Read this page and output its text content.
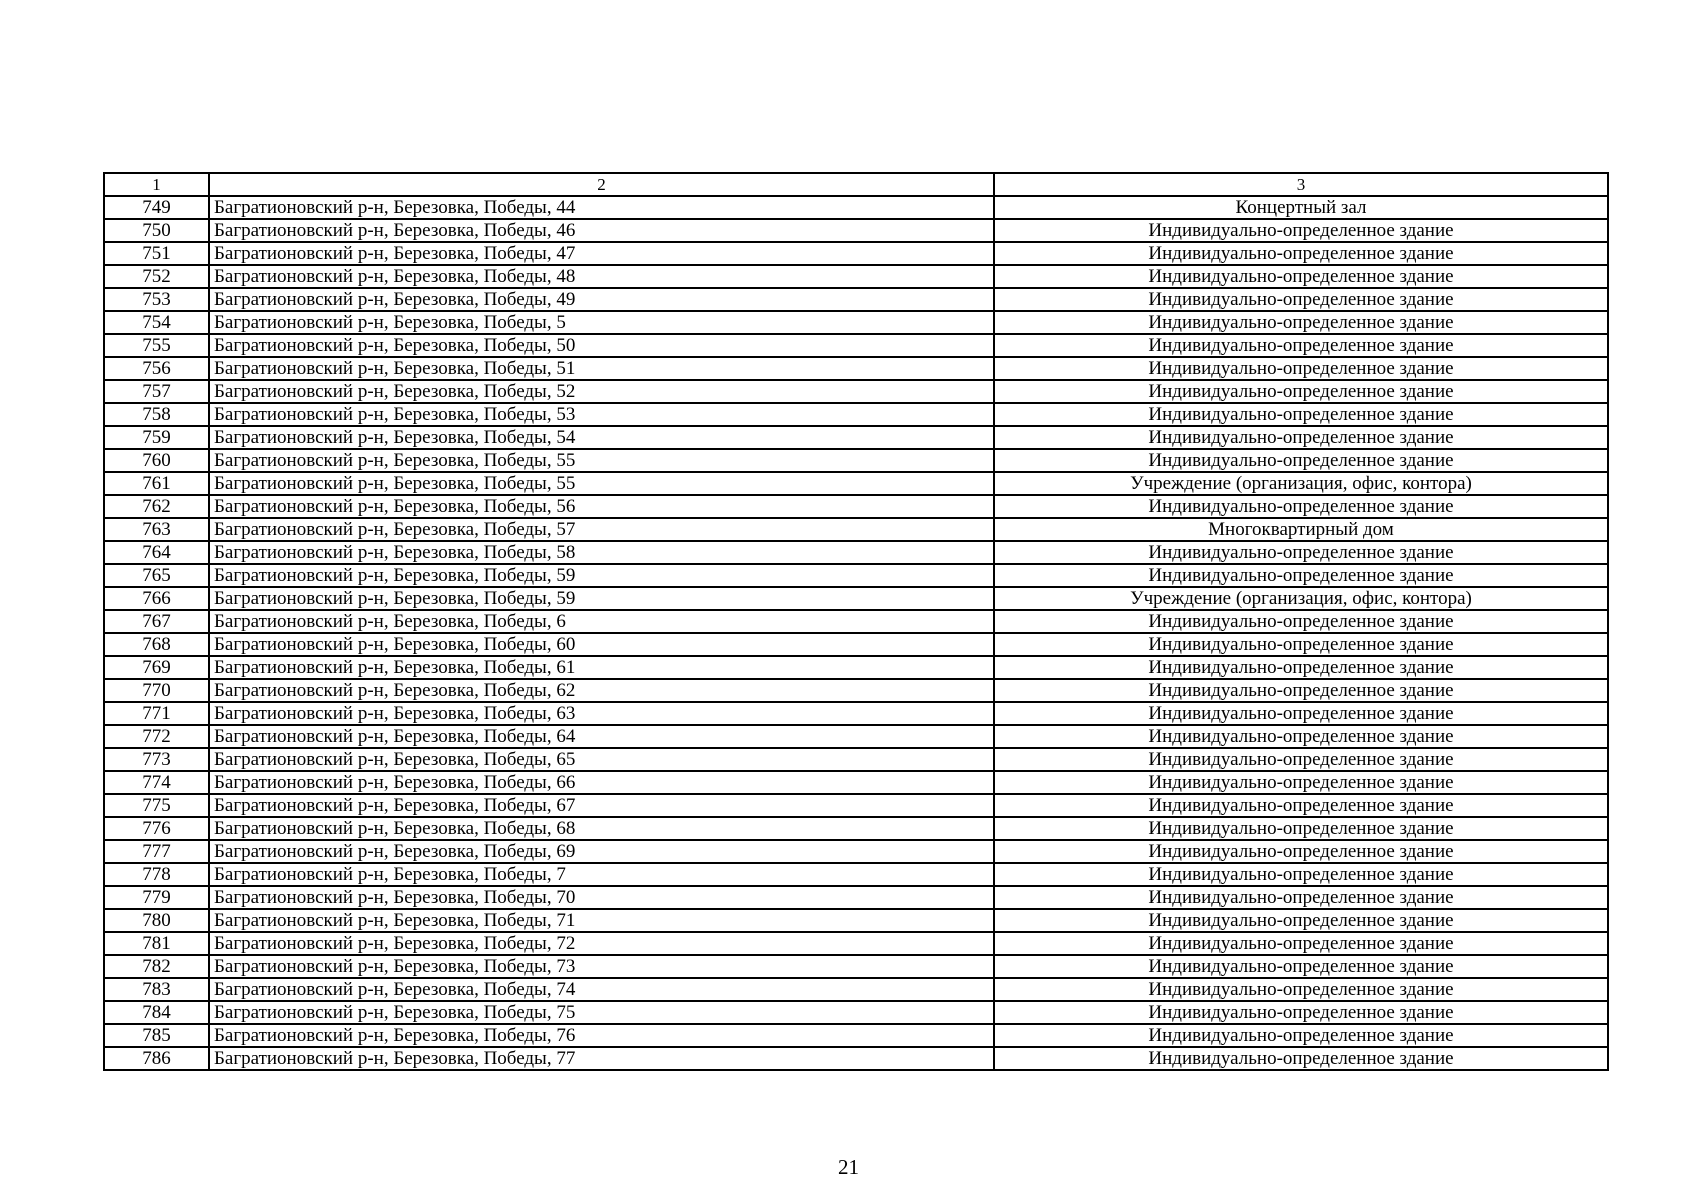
1	2	3
749	Багратионовский р-н, Березовка, Победы, 44	Концертный зал
750	Багратионовский р-н, Березовка, Победы, 46	Индивидуально-определенное здание
751	Багратионовский р-н, Березовка, Победы, 47	Индивидуально-определенное здание
752	Багратионовский р-н, Березовка, Победы, 48	Индивидуально-определенное здание
753	Багратионовский р-н, Березовка, Победы, 49	Индивидуально-определенное здание
754	Багратионовский р-н, Березовка, Победы, 5	Индивидуально-определенное здание
755	Багратионовский р-н, Березовка, Победы, 50	Индивидуально-определенное здание
756	Багратионовский р-н, Березовка, Победы, 51	Индивидуально-определенное здание
757	Багратионовский р-н, Березовка, Победы, 52	Индивидуально-определенное здание
758	Багратионовский р-н, Березовка, Победы, 53	Индивидуально-определенное здание
759	Багратионовский р-н, Березовка, Победы, 54	Индивидуально-определенное здание
760	Багратионовский р-н, Березовка, Победы, 55	Индивидуально-определенное здание
761	Багратионовский р-н, Березовка, Победы, 55	Учреждение (организация, офис, контора)
762	Багратионовский р-н, Березовка, Победы, 56	Индивидуально-определенное здание
763	Багратионовский р-н, Березовка, Победы, 57	Многоквартирный дом
764	Багратионовский р-н, Березовка, Победы, 58	Индивидуально-определенное здание
765	Багратионовский р-н, Березовка, Победы, 59	Индивидуально-определенное здание
766	Багратионовский р-н, Березовка, Победы, 59	Учреждение (организация, офис, контора)
767	Багратионовский р-н, Березовка, Победы, 6	Индивидуально-определенное здание
768	Багратионовский р-н, Березовка, Победы, 60	Индивидуально-определенное здание
769	Багратионовский р-н, Березовка, Победы, 61	Индивидуально-определенное здание
770	Багратионовский р-н, Березовка, Победы, 62	Индивидуально-определенное здание
771	Багратионовский р-н, Березовка, Победы, 63	Индивидуально-определенное здание
772	Багратионовский р-н, Березовка, Победы, 64	Индивидуально-определенное здание
773	Багратионовский р-н, Березовка, Победы, 65	Индивидуально-определенное здание
774	Багратионовский р-н, Березовка, Победы, 66	Индивидуально-определенное здание
775	Багратионовский р-н, Березовка, Победы, 67	Индивидуально-определенное здание
776	Багратионовский р-н, Березовка, Победы, 68	Индивидуально-определенное здание
777	Багратионовский р-н, Березовка, Победы, 69	Индивидуально-определенное здание
778	Багратионовский р-н, Березовка, Победы, 7	Индивидуально-определенное здание
779	Багратионовский р-н, Березовка, Победы, 70	Индивидуально-определенное здание
780	Багратионовский р-н, Березовка, Победы, 71	Индивидуально-определенное здание
781	Багратионовский р-н, Березовка, Победы, 72	Индивидуально-определенное здание
782	Багратионовский р-н, Березовка, Победы, 73	Индивидуально-определенное здание
783	Багратионовский р-н, Березовка, Победы, 74	Индивидуально-определенное здание
784	Багратионовский р-н, Березовка, Победы, 75	Индивидуально-определенное здание
785	Багратионовский р-н, Березовка, Победы, 76	Индивидуально-определенное здание
786	Багратионовский р-н, Березовка, Победы, 77	Индивидуально-определенное здание
21
